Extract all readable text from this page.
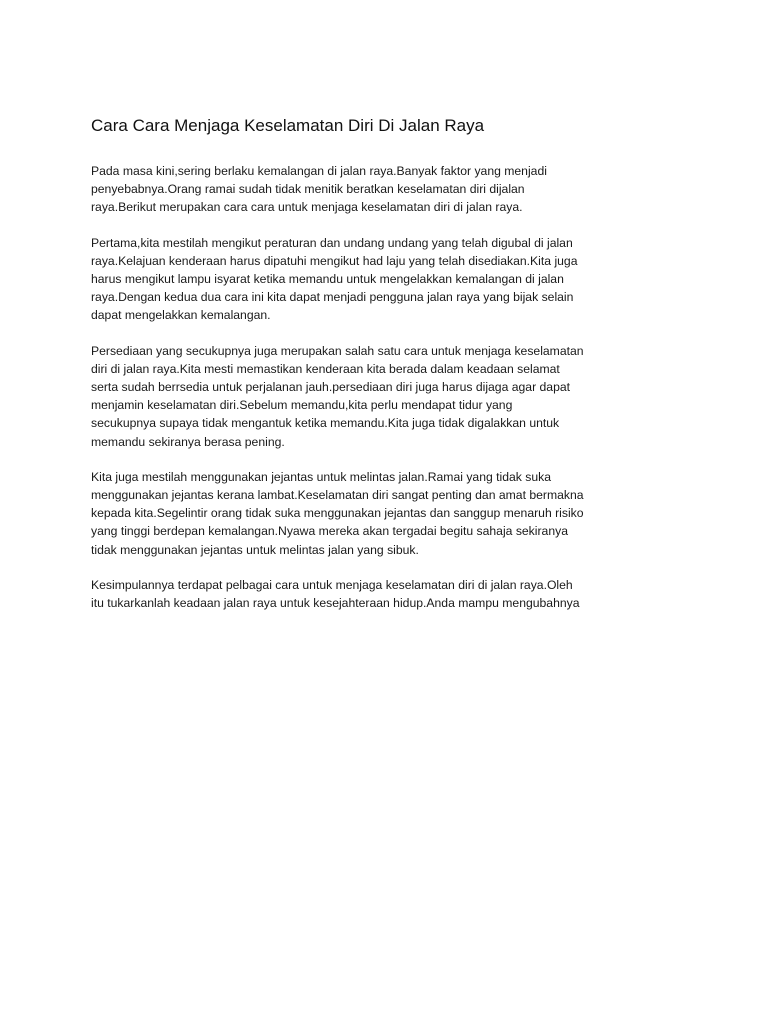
Cara Cara Menjaga Keselamatan Diri Di Jalan Raya

Pada masa kini,sering berlaku kemalangan di jalan raya.Banyak faktor yang menjadi
penyebabnya.Orang ramai sudah tidak menitik beratkan keselamatan diri dijalan
raya.Berikut merupakan cara cara untuk menjaga keselamatan diri di jalan raya.

Pertama,kita mestilah mengikut peraturan dan undang undang yang telah digubal di jalan
raya.Kelajuan kenderaan harus dipatuhi mengikut had laju yang telah disediakan.Kita juga
harus mengikut lampu isyarat ketika memandu untuk mengelakkan kemalangan di jalan
raya.Dengan kedua dua cara ini kita dapat menjadi pengguna jalan raya yang bijak selain
dapat mengelakkan kemalangan.

Persediaan yang secukupnya juga merupakan salah satu cara untuk menjaga keselamatan
diri di jalan raya.Kita mesti memastikan kenderaan kita berada dalam keadaan selamat
serta sudah berrsedia untuk perjalanan jauh.persediaan diri juga harus dijaga agar dapat
menjamin keselamatan diri.Sebelum memandu,kita perlu mendapat tidur yang
secukupnya supaya tidak mengantuk ketika memandu.Kita juga tidak digalakkan untuk
memandu sekiranya berasa pening.

Kita juga mestilah menggunakan jejantas untuk melintas jalan.Ramai yang tidak suka
menggunakan jejantas kerana lambat.Keselamatan diri sangat penting dan amat bermakna
kepada kita.Segelintir orang tidak suka menggunakan jejantas dan sanggup menaruh risiko
yang tinggi berdepan kemalangan.Nyawa mereka akan tergadai begitu sahaja sekiranya
tidak menggunakan jejantas untuk melintas jalan yang sibuk.

Kesimpulannya terdapat pelbagai cara untuk menjaga keselamatan diri di jalan raya.Oleh
itu tukarkanlah keadaan jalan raya untuk kesejahteraan hidup.Anda mampu mengubahnya
